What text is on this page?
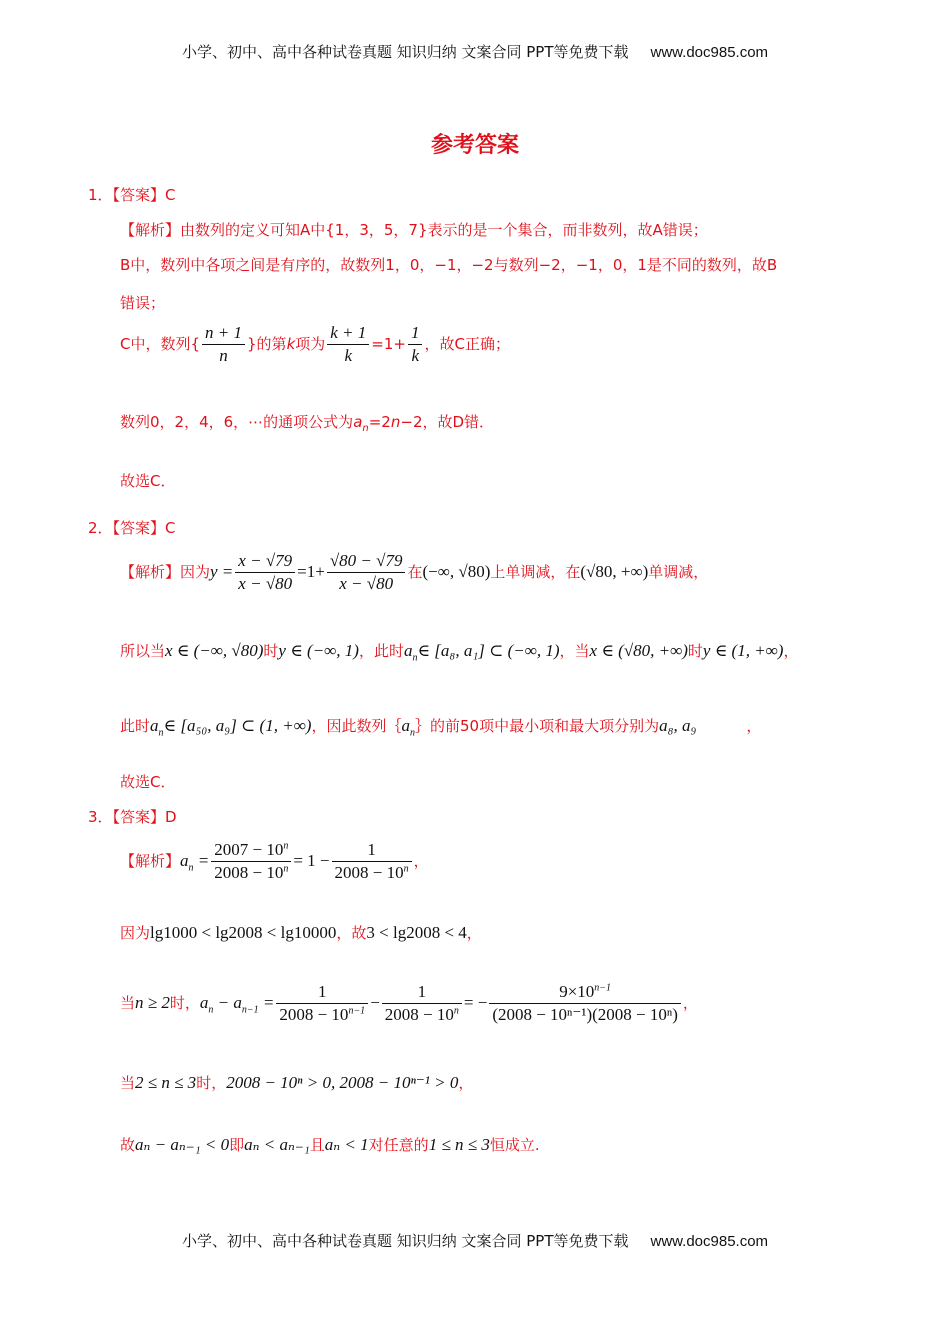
小学、初中、高中各种试卷真题 知识归纳 文案合同 PPT等免费下载 www.doc985.com
参考答案
1．【答案】C
【解析】由数列的定义可知A中{1，3，5，7}表示的是一个集合，而非数列，故A错误；
B中，数列中各项之间是有序的，故数列1，0，−1，−2与数列−2，−1，0，1是不同的数列，故B
错误；
C中，数列{ $\frac{n + 1}{n}$ }的第k项为 $\frac{k + 1}{k} =1+ \frac{1}{k}$ ，故C正确；
数列0，2，4，6，⋯的通项公式为$a_n=2n-2$，故D错．
故选C．
2．【答案】C
【解析】因为$y = \frac{x - √79}{x - √80} =1+ \frac{√80 - √79}{x - √80}$ 在(−∞, √80)上单调减，在(√80, +∞)单调减，
所以当x ∈ (−∞, √80)时y ∈ (−∞, 1)，此时$a_n\in$ [a₈, a₁] ⊂ (−∞, 1)，当x ∈ (√80, +∞)时y ∈ (1, +∞)，
此时$a_n\in$ [a₅₀, a₉] ⊂ (1, +∞)，因此数列$\{a_n\}$的前50项中最小项和最大项分别为a₈, a₉	，
故选C．
3．【答案】D
【解析】$a_n = \frac{2007 - 10^n}{2008 - 10^n} = 1 - \frac{1}{2008 - 10^n}$ ，
因为lg1000 < lg2008 < lg10000，故3 < lg2008 < 4，
当n ≥ 2时，$a_n - a_{n-1} = \frac{1}{2008 - 10^{n-1}} - \frac{1}{2008 - 10^n}$ = − $\frac{9\times 10^{n-1}}{\text{(2008 − 10ⁿ⁻¹)(2008 − 10ⁿ)}}$ ，
当2 ≤ n ≤ 3时，2008 − 10ⁿ > 0, 2008 − 10ⁿ⁻¹ > 0，
故aₙ − aₙ₋₁ < 0即aₙ < aₙ₋₁且aₙ < 1对任意的1 ≤ n ≤ 3恒成立.
小学、初中、高中各种试卷真题 知识归纳 文案合同 PPT等免费下载 www.doc985.com
